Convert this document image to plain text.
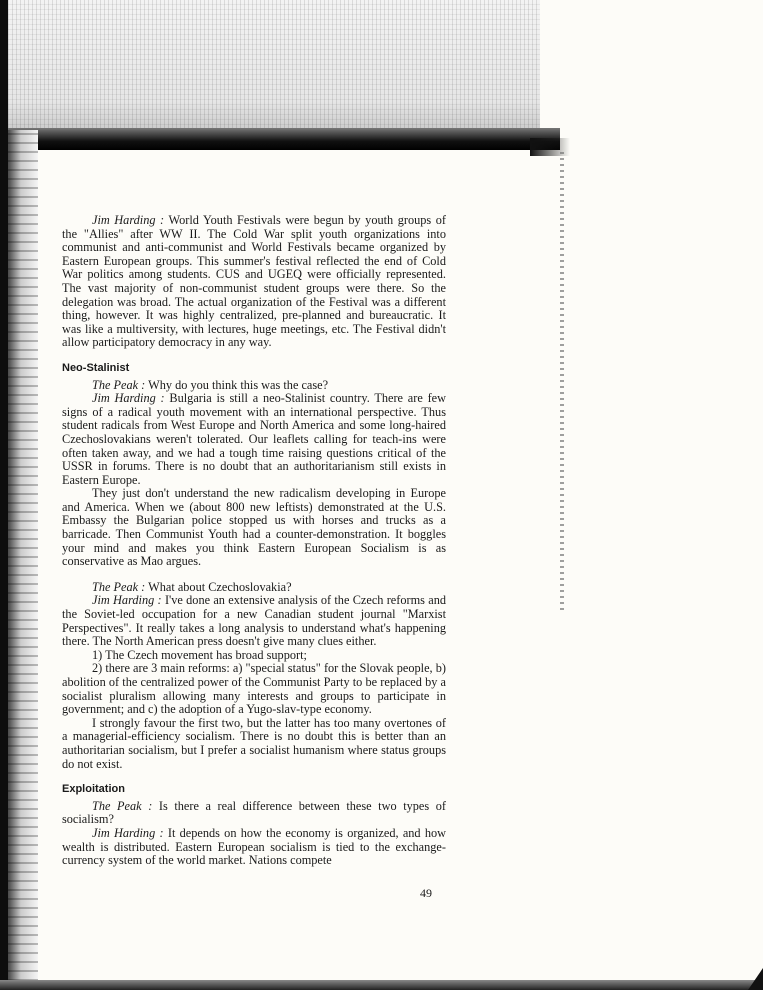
Jim Harding : World Youth Festivals were begun by youth groups of the "Allies" after WW II. The Cold War split youth organizations into communist and anti-communist and World Festivals became organized by Eastern European groups. This summer's festival reflected the end of Cold War politics among students. CUS and UGEQ were officially represented. The vast majority of non-communist student groups were there. So the delegation was broad. The actual organization of the Festival was a different thing, however. It was highly centralized, pre-planned and bureaucratic. It was like a multiversity, with lectures, huge meetings, etc. The Festival didn't allow participatory democracy in any way.

Neo-Stalinist

The Peak : Why do you think this was the case?

Jim Harding : Bulgaria is still a neo-Stalinist country. There are few signs of a radical youth movement with an international perspective. Thus student radicals from West Europe and North America and some long-haired Czechoslovakians weren't tolerated. Our leaflets calling for teach-ins were often taken away, and we had a tough time raising questions critical of the USSR in forums. There is no doubt that an authoritarianism still exists in Eastern Europe.

They just don't understand the new radicalism developing in Europe and America. When we (about 800 new leftists) demonstrated at the U.S. Embassy the Bulgarian police stopped us with horses and trucks as a barricade. Then Communist Youth had a counter-demonstration. It boggles your mind and makes you think Eastern European Socialism is as conservative as Mao argues.

The Peak : What about Czechoslovakia?

Jim Harding : I've done an extensive analysis of the Czech reforms and the Soviet-led occupation for a new Canadian student journal "Marxist Perspectives". It really takes a long analysis to understand what's happening there. The North American press doesn't give many clues either.

1) The Czech movement has broad support;

2) there are 3 main reforms: a) "special status" for the Slovak people, b) abolition of the centralized power of the Communist Party to be replaced by a socialist pluralism allowing many interests and groups to participate in government; and c) the adoption of a Yugo-slav-type economy.

I strongly favour the first two, but the latter has too many overtones of a managerial-efficiency socialism. There is no doubt this is better than an authoritarian socialism, but I prefer a socialist humanism where status groups do not exist.

Exploitation

The Peak : Is there a real difference between these two types of socialism?

Jim Harding : It depends on how the economy is organized, and how wealth is distributed. Eastern European socialism is tied to the exchange-currency system of the world market. Nations compete

49
